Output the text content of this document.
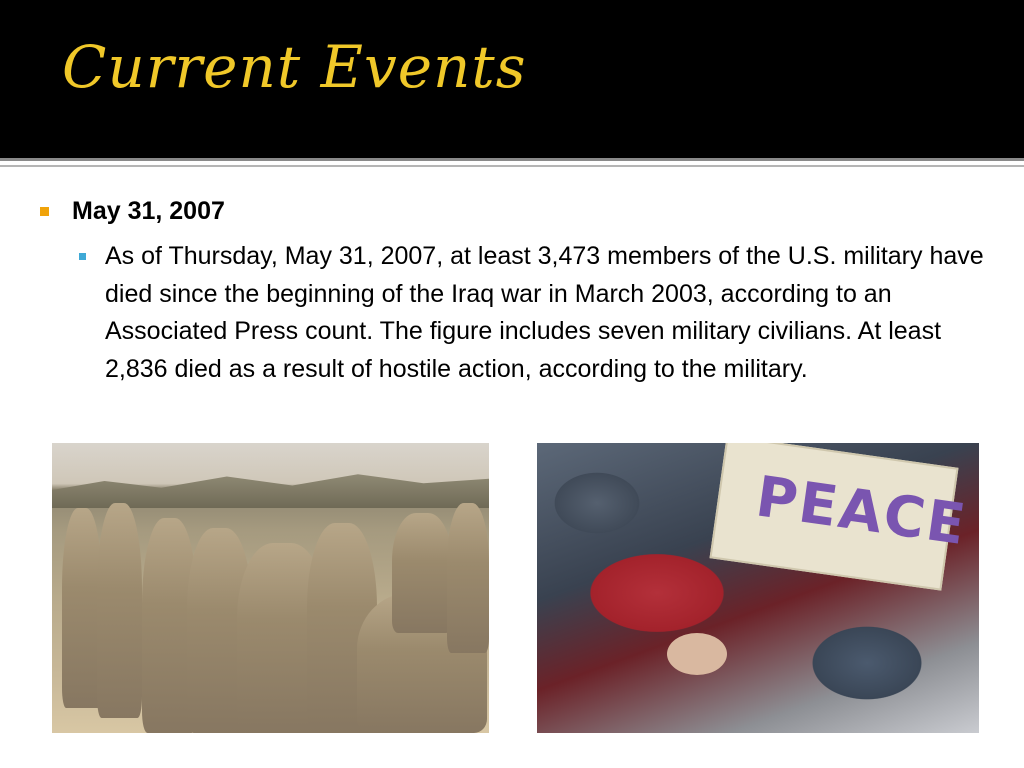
Current Events
May 31, 2007
As of Thursday, May 31, 2007, at least 3,473 members of the U.S. military have died since the beginning of the Iraq war in March 2003, according to an Associated Press count. The figure includes seven military civilians. At least 2,836 died as a result of hostile action, according to the military.
PEACE
